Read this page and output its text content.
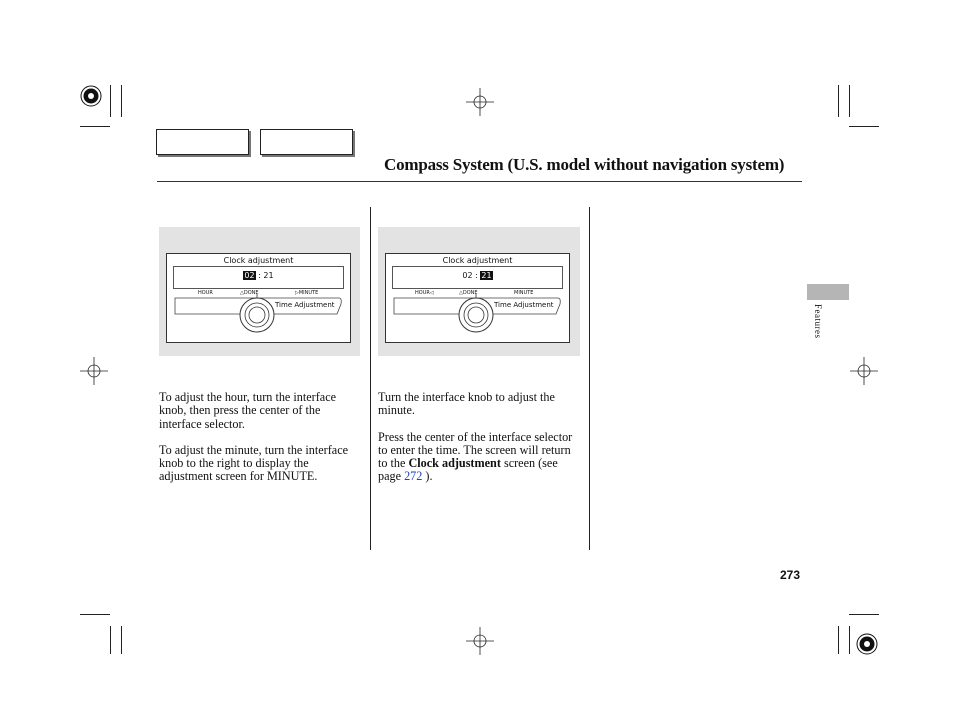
Compass System (U.S. model without navigation system)
Clock adjustment
02 : 21
HOUR	△DONE	▷MINUTE
Time Adjustment
Clock adjustment
02 : 21
HOUR◁	△DONE	MINUTE
Time Adjustment

To adjust the hour, turn the interface knob, then press the center of the interface selector.

To adjust the minute, turn the interface knob to the right to display the adjustment screen for MINUTE.

Turn the interface knob to adjust the minute.

Press the center of the interface selector to enter the time. The screen will return to the Clock adjustment screen (see page 272 ).

Features
273
